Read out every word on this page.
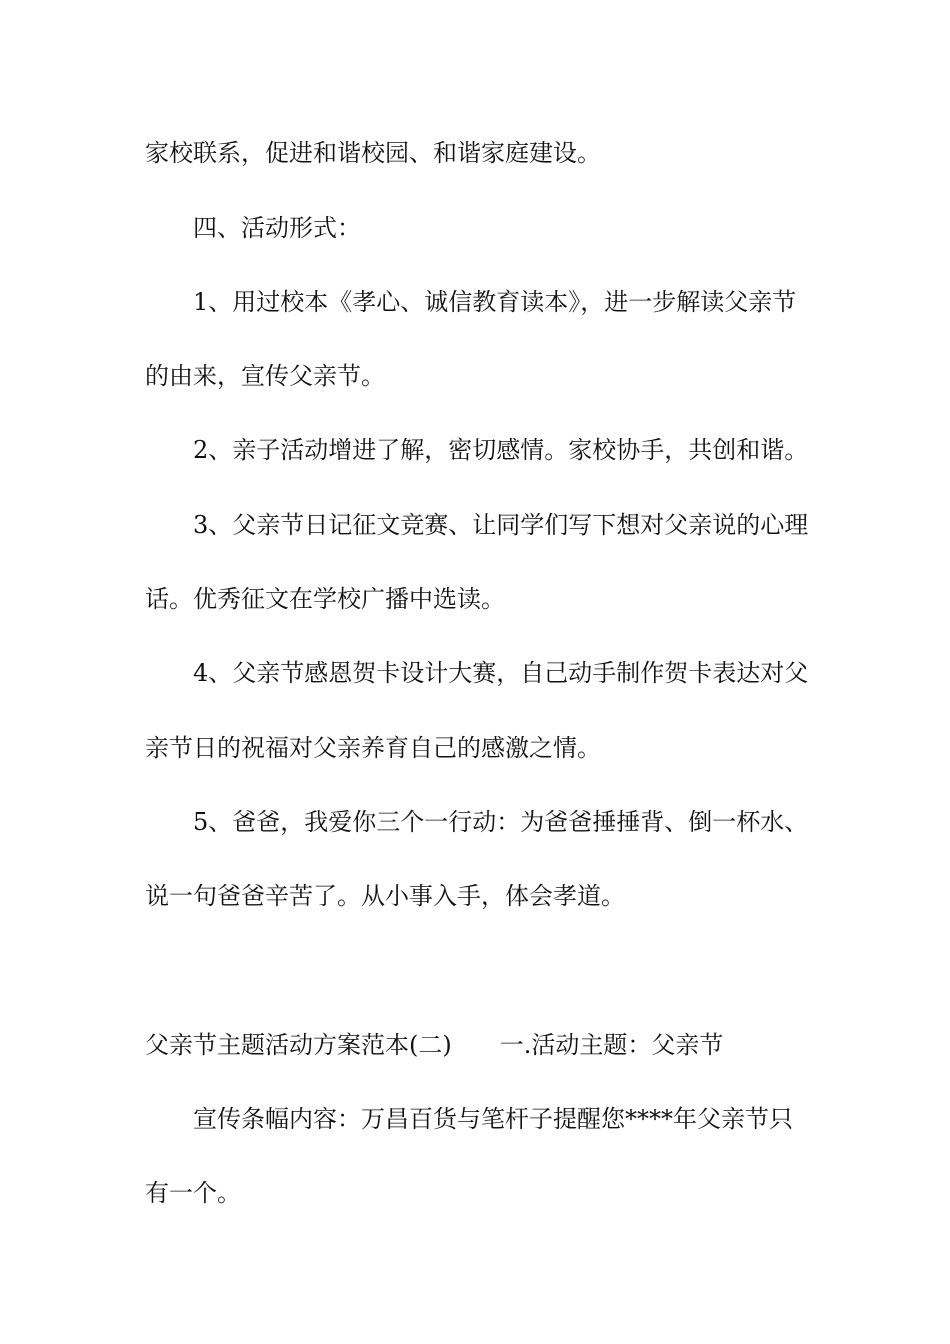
家校联系，促进和谐校园、和谐家庭建设。
四、活动形式：
1、用过校本《孝心、诚信教育读本》，进一步解读父亲节
的由来，宣传父亲节。
2、亲子活动增进了解，密切感情。家校协手，共创和谐。
3、父亲节日记征文竞赛、让同学们写下想对父亲说的心理
话。优秀征文在学校广播中选读。
4、父亲节感恩贺卡设计大赛，自己动手制作贺卡表达对父
亲节日的祝福对父亲养育自己的感激之情。
5、爸爸，我爱你三个一行动：为爸爸捶捶背、倒一杯水、
说一句爸爸辛苦了。从小事入手，体会孝道。
父亲节主题活动方案范本(二)　　一.活动主题：父亲节
宣传条幅内容：万昌百货与笔杆子提醒您****年父亲节只
有一个。
